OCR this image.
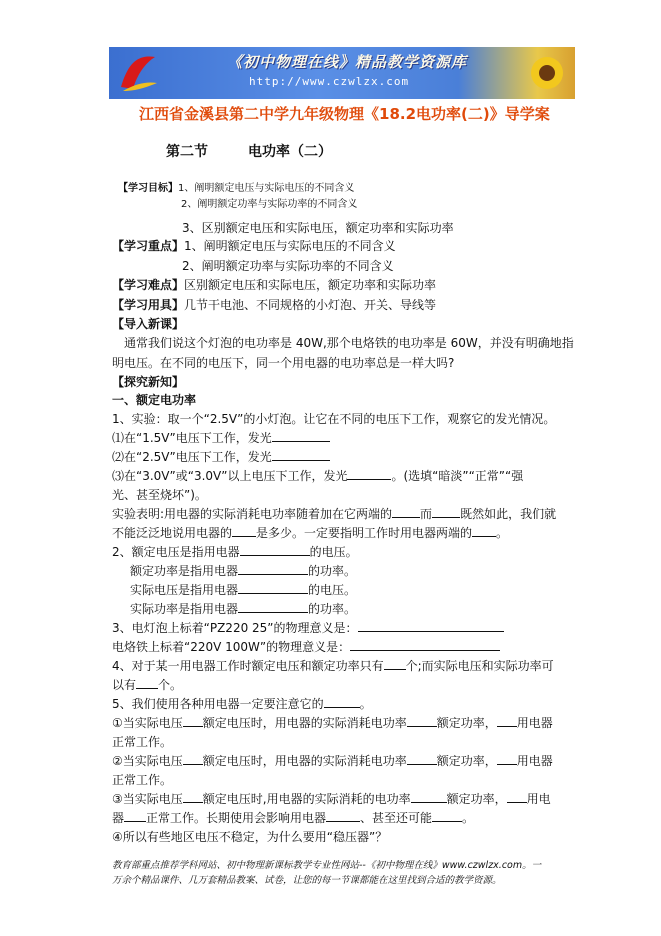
《初中物理在线》精品教学资源库
http://www.czwlzx.com
江西省金溪县第二中学九年级物理《18.2电功率(二)》导学案
第二节	电功率（二）
【学习目标】1、阐明额定电压与实际电压的不同含义
2、阐明额定功率与实际功率的不同含义
3、区别额定电压和实际电压，额定功率和实际功率
【学习重点】1、阐明额定电压与实际电压的不同含义
2、阐明额定功率与实际功率的不同含义
【学习难点】区别额定电压和实际电压，额定功率和实际功率
【学习用具】几节干电池、不同规格的小灯泡、开关、导线等
【导入新课】
通常我们说这个灯泡的电功率是 40W,那个电烙铁的电功率是 60W，并没有明确地指
明电压。在不同的电压下，同一个用电器的电功率总是一样大吗?
【探究新知】
一、额定电功率
1、实验：取一个“2.5V”的小灯泡。让它在不同的电压下工作，观察它的发光情况。
⑴在“1.5V”电压下工作，发光
⑵在“2.5V”电压下工作，发光
⑶在“3.0V”或“3.0V”以上电压下工作，发光	。(选填“暗淡”“正常”“强
光、甚至烧坏”)。
实验表明:用电器的实际消耗电功率随着加在它两端的 而 既然如此，我们就
不能泛泛地说用电器的 是多少。一定要指明工作时用电器两端的 。
2、额定电压是指用电器	的电压。
额定功率是指用电器	的功率。
实际电压是指用电器	的电压。
实际功率是指用电器	的功率。
3、电灯泡上标着“PZ220 25”的物理意义是：
电烙铁上标着“220V 100W”的物理意义是：
4、对于某一用电器工作时额定电压和额定功率只有 个;而实际电压和实际功率可
以有 个。
5、我们使用各种用电器一定要注意它的	。
①当实际电压 额定电压时，用电器的实际消耗电功率	额定功率， 用电器
正常工作。
②当实际电压 额定电压时，用电器的实际消耗电功率	额定功率， 用电器
正常工作。
③当实际电压 额定电压时,用电器的实际消耗的电功率	额定功率， 用电
器 正常工作。长期使用会影响用电器	、甚至还可能	。
④所以有些地区电压不稳定，为什么要用“稳压器”？
教育部重点推荐学科网站、初中物理新课标教学专业性网站--《初中物理在线》www.czwlzx.com。一
万余个精品课件、几万套精品教案、试卷，让您的每一节课都能在这里找到合适的教学资源。
